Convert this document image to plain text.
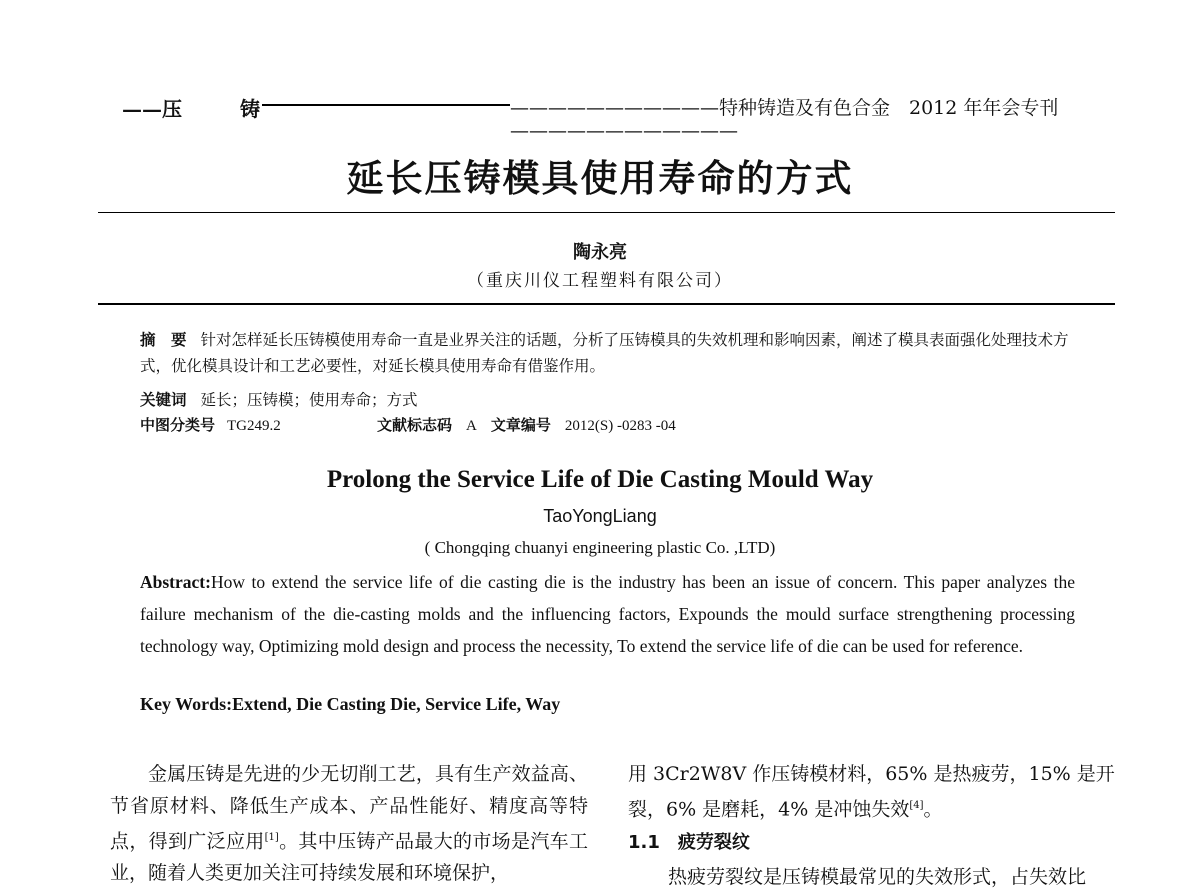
——压	铸	———————————特种铸造及有色合金　2012 年年会专刊————————————
延长压铸模具使用寿命的方式
陶永亮
（重庆川仪工程塑料有限公司）
摘　要 针对怎样延长压铸模使用寿命一直是业界关注的话题，分析了压铸模具的失效机理和影响因素，阐述了模具表面强化处理技术方式，优化模具设计和工艺必要性，对延长模具使用寿命有借鉴作用。
关键词 延长；压铸模；使用寿命；方式
中图分类号 TG249.2	文献标志码 A 文章编号 2012(S) -0283 -04
Prolong the Service Life of Die Casting Mould Way
TaoYongLiang
( Chongqing chuanyi engineering plastic Co. ,LTD)
Abstract:How to extend the service life of die casting die is the industry has been an issue of concern. This paper analyzes the failure mechanism of the die-casting molds and the influencing factors, Expounds the mould surface strengthening processing technology way, Optimizing mold design and process the necessity, To extend the service life of die can be used for reference.
Key Words:Extend, Die Casting Die, Service Life, Way
金属压铸是先进的少无切削工艺，具有生产效益高、节省原材料、降低生产成本、产品性能好、精度高等特点，得到广泛应用[1]。其中压铸产品最大的市场是汽车工业，随着人类更加关注可持续发展和环境保护，
用 3Cr2W8V 作压铸模材料，65% 是热疲劳，15% 是开裂，6% 是磨耗，4% 是冲蚀失效[4]。
1.1 疲劳裂纹
热疲劳裂纹是压铸模最常见的失效形式，占失效比
